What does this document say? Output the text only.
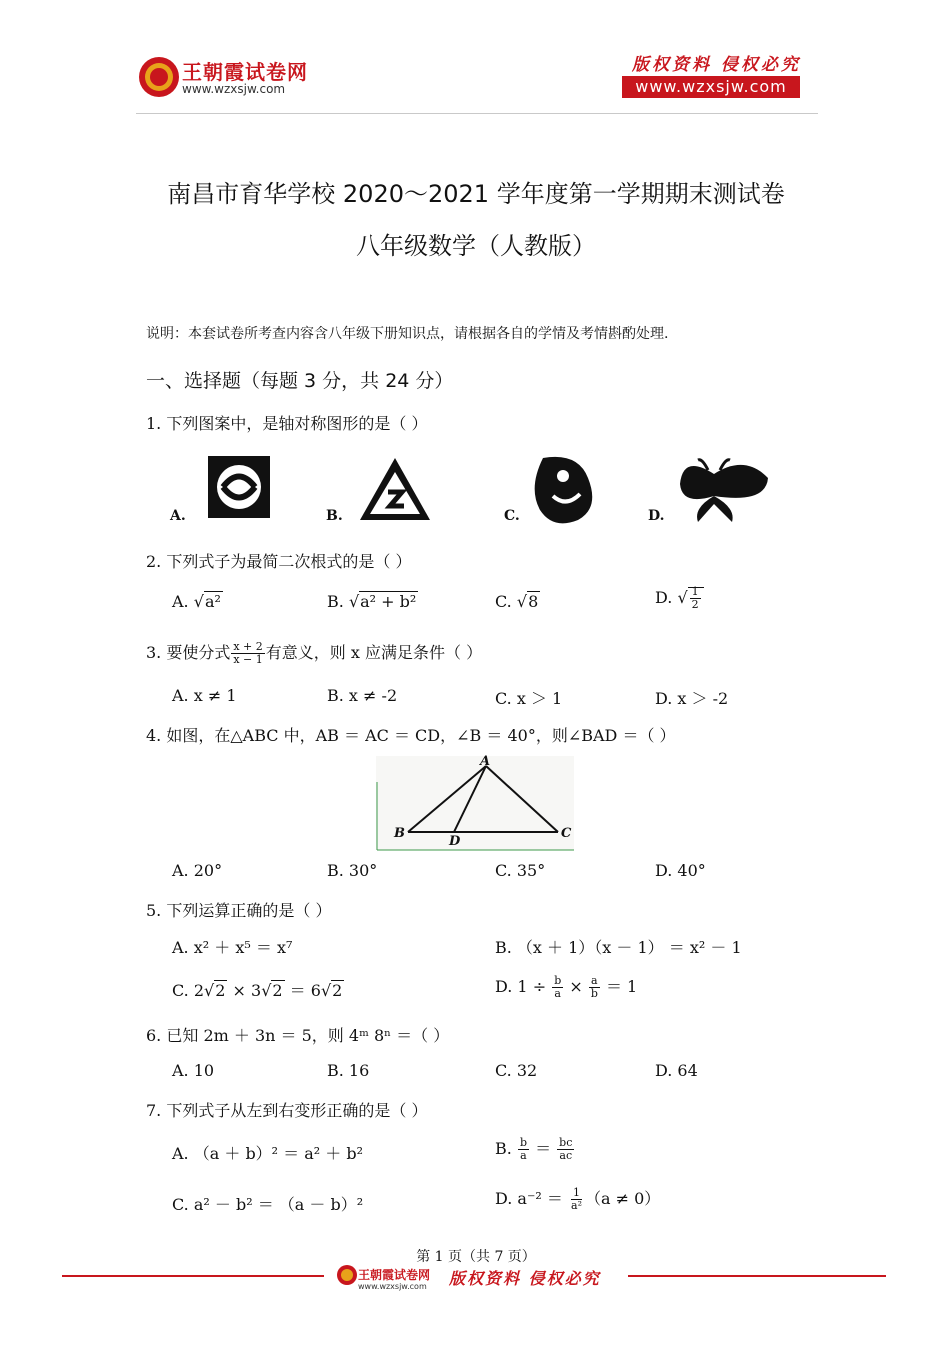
王朝霞试卷网
www.wzxsjw.com
版权资料 侵权必究
www.wzxsjw.com
南昌市育华学校 2020～2021 学年度第一学期期末测试卷
八年级数学（人教版）
说明：本套试卷所考查内容含八年级下册知识点，请根据各自的学情及考情斟酌处理.
一、选择题（每题 3 分，共 24 分）
1. 下列图案中，是轴对称图形的是（ ）
A.	B.	C.	D.
2. 下列式子为最简二次根式的是（ ）
A. √a²	B. √a² + b²	C. √8	D. √ $\frac{1}{2}$
3. 要使分式 $\frac{x + 2}{x - 1}$ 有意义，则 x 应满足条件（ ）
A. x ≠ 1	B. x ≠ -2	C. x ＞ 1	D. x ＞ -2
4. 如图，在△ABC 中，AB ＝ AC ＝ CD，∠B ＝ 40°，则∠BAD ＝（ ）
A
B	C
D
A. 20°	B. 30°	C. 35°	D. 40°
5. 下列运算正确的是（ ）
A. x² ＋ x⁵ ＝ x⁷	B. （x ＋ 1）（x － 1） ＝ x² － 1
C. 2√2 × 3√2 ＝ 6√2	D. $1 \div \frac{b}{a} \times \frac{a}{b} = 1$
6. 已知 2m ＋ 3n ＝ 5，则 4ᵐ 8ⁿ ＝（ ）
A. 10	B. 16	C. 32	D. 64
7. 下列式子从左到右变形正确的是（ ）
A. （a ＋ b）² ＝ a² ＋ b²	B. $\frac{b}{a} = \frac{bc}{ac}$
C. a² － b² ＝ （a － b）²	D. $a^{-2} = \frac{1}{\text{a²}} (a \ne 0)$
第 1 页（共 7 页）
王朝霞试卷网
www.wzxsjw.com 版权资料 侵权必究
